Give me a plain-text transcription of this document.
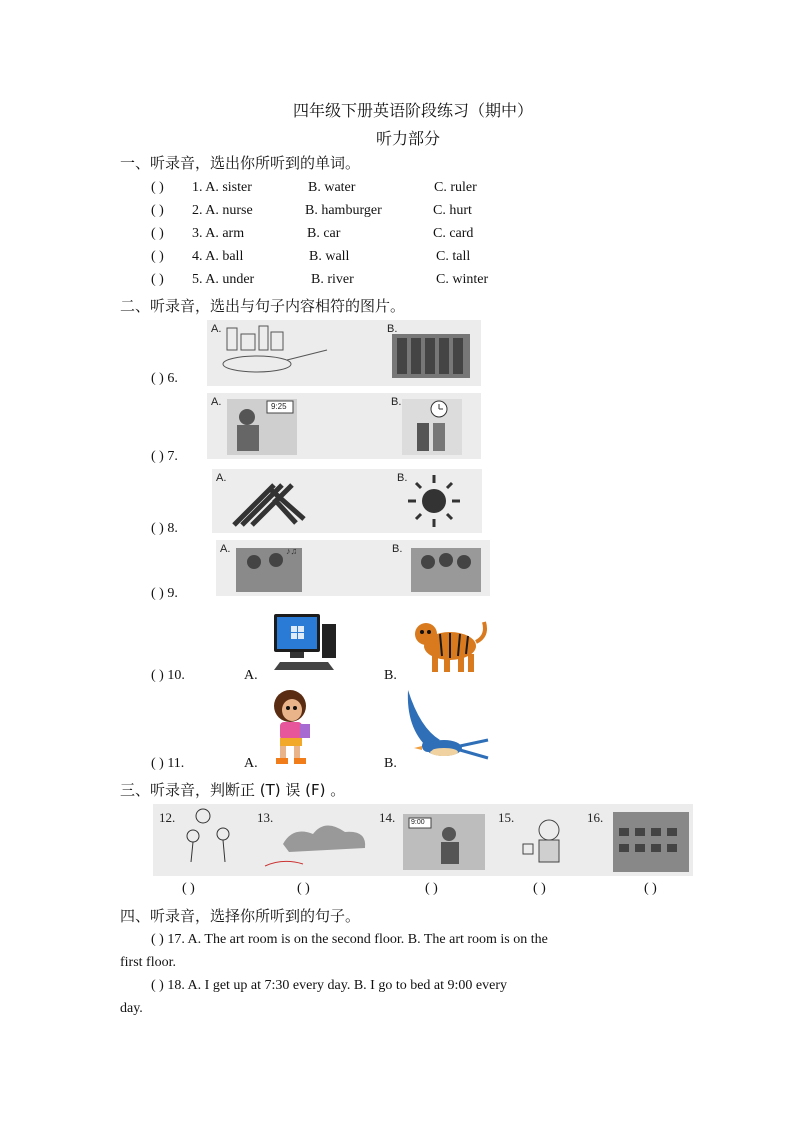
四年级下册英语阶段练习（期中）
听力部分
一、听录音，选出你所听到的单词。
( ) 1. A. sister	B. water	C. ruler
( ) 2. A. nurse	B. hamburger	C. hurt
( ) 3. A. arm	B. car	C. card
( ) 4. A. ball	B. wall	C. tall
( ) 5. A. under	B. river	C. winter
二、听录音，选出与句子内容相符的图片。
A.	B.
( ) 6.
A.	9:25	B.
( ) 7.
A.	B.
( ) 8.
♪♫
A.	B.
( ) 9.
( ) 10.	A.	B.
( ) 11.	A.	B.
三、听录音，判断正 (T) 误 (F) 。
12.	13.	14.	15.	16.
9:00
( )	( )	( )	( )	( )
四、听录音，选择你所听到的句子。
( ) 17. A. The art room is on the second floor. B. The art room is on the
first floor.
( ) 18. A. I get up at 7:30 every day. B. I go to bed at 9:00 every
day.
